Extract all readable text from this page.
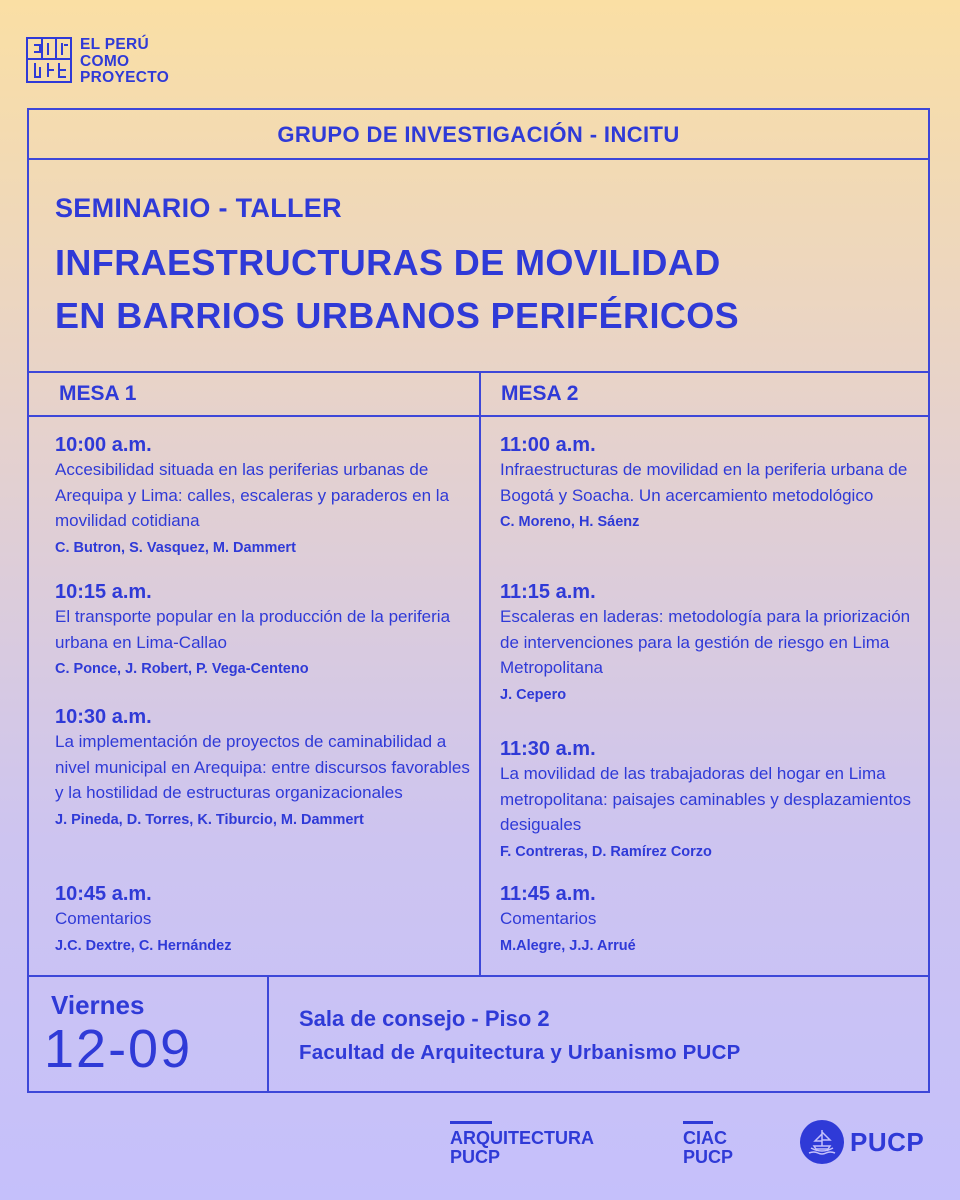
EL PERÚ
COMO
PROYECTO
GRUPO DE INVESTIGACIÓN - INCITU
SEMINARIO - TALLER
INFRAESTRUCTURAS DE MOVILIDAD
EN BARRIOS URBANOS PERIFÉRICOS
MESA 1	MESA 2
10:00 a.m.
Accesibilidad situada en las periferias urbanas de Arequipa y Lima: calles, escaleras y paraderos en la movilidad cotidiana
C. Butron, S. Vasquez, M. Dammert
10:15 a.m.
El transporte popular en la producción de la periferia urbana en Lima-Callao
C. Ponce, J. Robert, P. Vega-Centeno
10:30 a.m.
La implementación de proyectos de caminabilidad a nivel municipal en Arequipa: entre discursos favorables y la hostilidad de estructuras organizacionales
J. Pineda, D. Torres, K. Tiburcio, M. Dammert
10:45 a.m.
Comentarios
J.C. Dextre, C. Hernández
11:00 a.m.
Infraestructuras de movilidad en la periferia urbana de Bogotá y Soacha. Un acercamiento metodológico
C. Moreno, H. Sáenz
11:15 a.m.
Escaleras en laderas: metodología para la priorización de intervenciones para la gestión de riesgo en Lima Metropolitana
J. Cepero
11:30 a.m.
La movilidad de las trabajadoras del hogar en Lima metropolitana: paisajes caminables y desplazamientos desiguales
F. Contreras, D. Ramírez Corzo
11:45 a.m.
Comentarios
M.Alegre, J.J. Arrué
Viernes
12-09
Sala de consejo - Piso 2
Facultad de Arquitectura y Urbanismo PUCP
ARQUITECTURA
PUCP
CIAC
PUCP
PUCP
